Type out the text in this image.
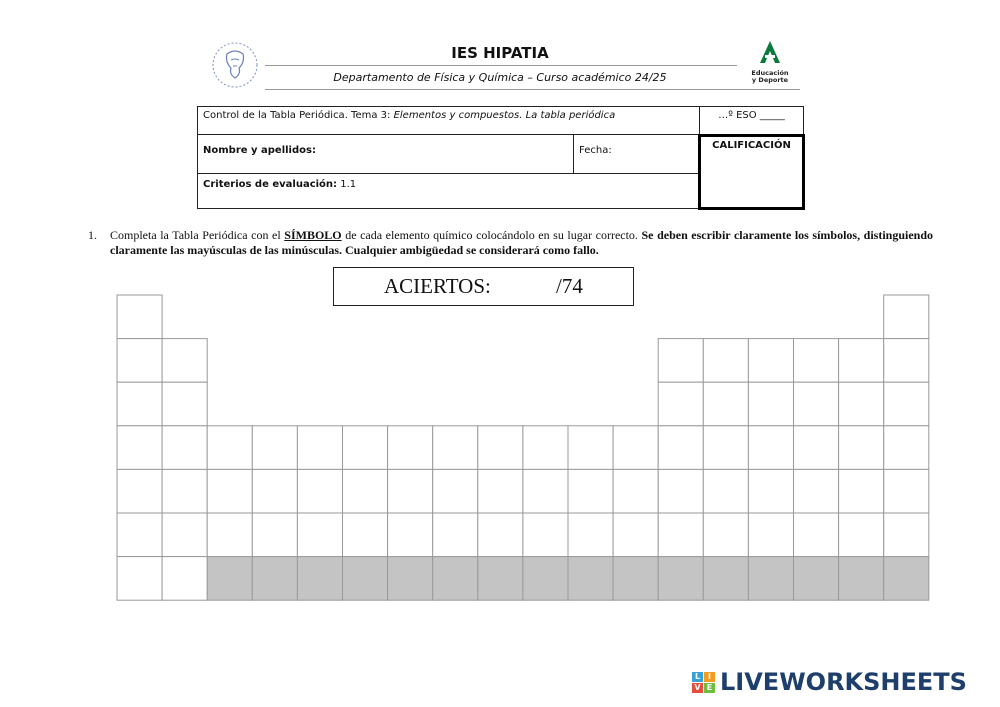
IES HIPATIA
Departamento de Física y Química – Curso académico 24/25	Educación
y Deporte
Control de la Tabla Periódica. Tema 3: Elementos y compuestos. La tabla periódica	…º ESO _____
Nombre y apellidos:	Fecha:
Criterios de evaluación: 1.1
CALIFICACIÓN
1. Completa la Tabla Periódica con el SÍMBOLO de cada elemento químico colocándolo en su lugar correcto. Se deben escribir claramente los símbolos, distinguiendo claramente las mayúsculas de las minúsculas. Cualquier ambigüedad se considerará como fallo.
ACIERTOS:	/74
L I
V E LIVEWORKSHEETS
